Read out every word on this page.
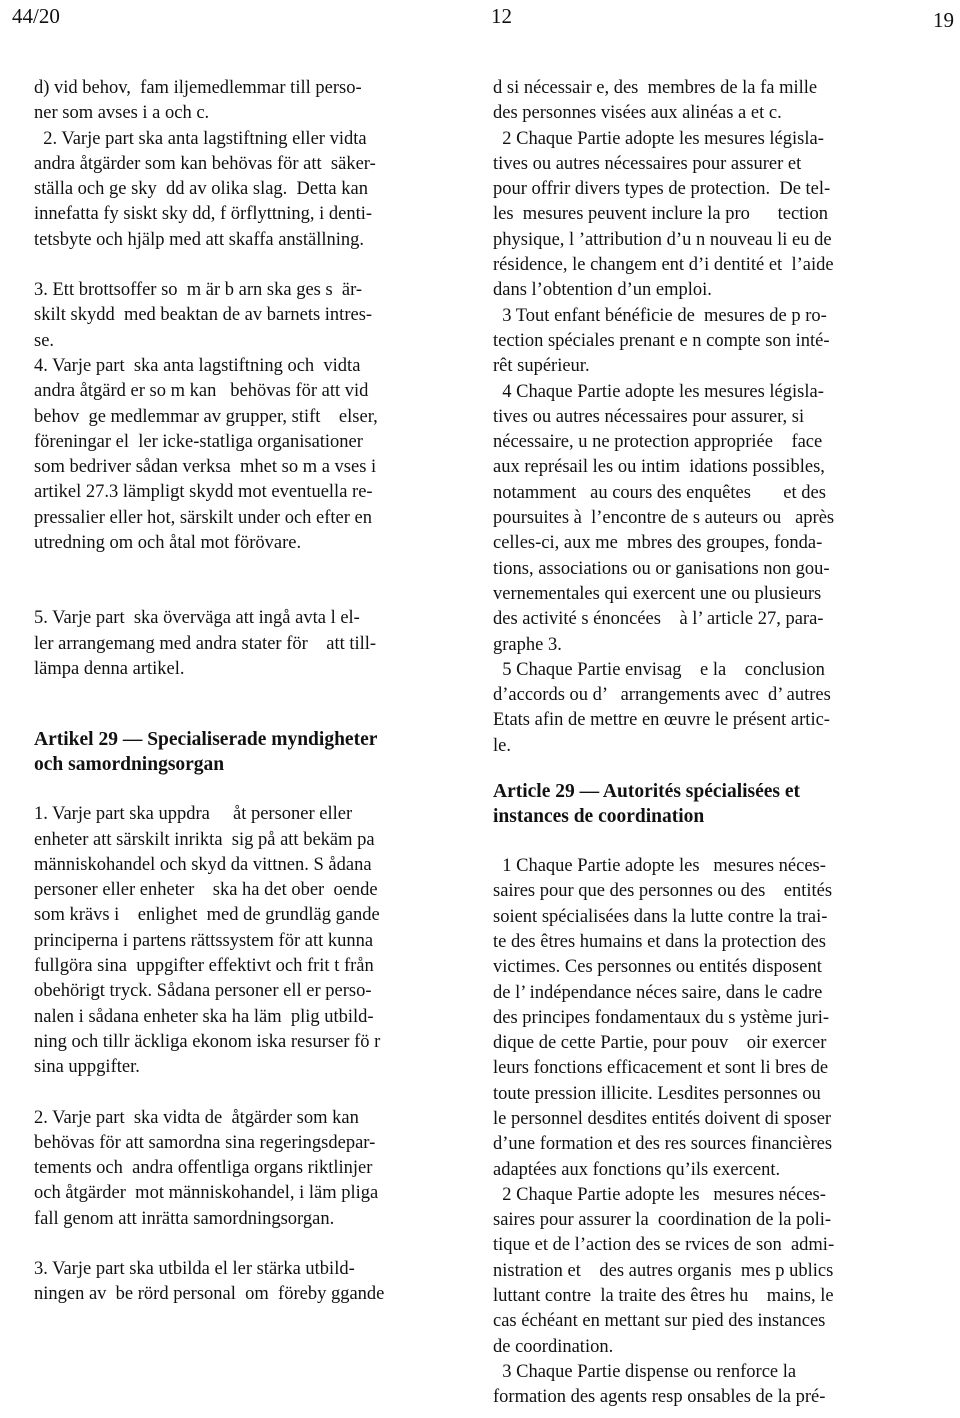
44/20	12	19
d) vid behov,  fam iljemedlemmar till perso-
ner som avses i a och c.
2. Varje part ska anta lagstiftning eller vidta
andra åtgärder som kan behövas för att  säker-
ställa och ge sky  dd av olika slag.  Detta kan
innefatta fy siskt sky dd, f örflyttning, i denti-
tetsbyte och hjälp med att skaffa anställning.
3. Ett brottsoffer so  m är b arn ska ges s  är-
skilt skydd  med beaktan de av barnets intres-
se.
4. Varje part  ska anta lagstiftning och  vidta
andra åtgärd er so m kan   behövas för att vid
behov  ge medlemmar av grupper, stift    elser,
föreningar el  ler icke-statliga organisationer
som bedriver sådan verksa  mhet so m a vses i
artikel 27.3 lämpligt skydd mot eventuella re-
pressalier eller hot, särskilt under och efter en
utredning om och åtal mot förövare.
5. Varje part  ska överväga att ingå avta l el-
ler arrangemang med andra stater för    att till-
lämpa denna artikel.
Artikel 29 — Specialiserade myndigheter
och samordningsorgan
1. Varje part ska uppdra     åt personer eller
enheter att särskilt inrikta  sig på att bekäm pa
människohandel och skyd da vittnen. S ådana
personer eller enheter    ska ha det ober  oende
som krävs i    enlighet  med de grundläg gande
principerna i partens rättssystem för att kunna
fullgöra sina  uppgifter effektivt och frit t från
obehörigt tryck. Sådana personer ell er perso-
nalen i sådana enheter ska ha läm  plig utbild-
ning och tillr äckliga ekonom iska resurser fö r
sina uppgifter.
2. Varje part  ska vidta de  åtgärder som kan
behövas för att samordna sina regeringsdepar-
tements och  andra offentliga organs riktlinjer
och åtgärder  mot människohandel, i läm pliga
fall genom att inrätta samordningsorgan.
3. Varje part ska utbilda el ler stärka utbild-
ningen av  be rörd personal  om  föreby ggande
d si nécessair e, des  membres de la fa mille
des personnes visées aux alinéas a et c.
2 Chaque Partie adopte les mesures législa-
tives ou autres nécessaires pour assurer et
pour offrir divers types de protection.  De tel-
les  mesures peuvent inclure la pro      tection
physique, l ’attribution d’u n nouveau li eu de
résidence, le changem ent d’i dentité et  l’aide
dans l’obtention d’un emploi.
3 Tout enfant bénéficie de  mesures de p ro-
tection spéciales prenant e n compte son inté-
rêt supérieur.
4 Chaque Partie adopte les mesures législa-
tives ou autres nécessaires pour assurer, si
nécessaire, u ne protection appropriée    face
aux représail les ou intim  idations possibles,
notamment   au cours des enquêtes       et des
poursuites à  l’encontre de s auteurs ou   après
celles-ci, aux me  mbres des groupes, fonda-
tions, associations ou or ganisations non gou-
vernementales qui exercent une ou plusieurs
des activité s énoncées    à l’ article 27, para-
graphe 3.
5 Chaque Partie envisag    e la    conclusion
d’accords ou d’   arrangements avec  d’ autres
Etats afin de mettre en œuvre le présent artic-
le.
Article 29 — Autorités spécialisées et
instances de coordination
1 Chaque Partie adopte les   mesures néces-
saires pour que des personnes ou des    entités
soient spécialisées dans la lutte contre la trai-
te des êtres humains et dans la protection des
victimes. Ces personnes ou entités disposent
de l’ indépendance néces saire, dans le cadre
des principes fondamentaux du s ystème juri-
dique de cette Partie, pour pouv    oir exercer
leurs fonctions efficacement et sont li bres de
toute pression illicite. Lesdites personnes ou
le personnel desdites entités doivent di sposer
d’une formation et des res sources financières
adaptées aux fonctions qu’ils exercent.
2 Chaque Partie adopte les   mesures néces-
saires pour assurer la  coordination de la poli-
tique et de l’action des se rvices de son  admi-
nistration et    des autres organis  mes p ublics
luttant contre  la traite des êtres hu    mains, le
cas échéant en mettant sur pied des instances
de coordination.
3 Chaque Partie dispense ou renforce la
formation des agents resp onsables de la pré-
